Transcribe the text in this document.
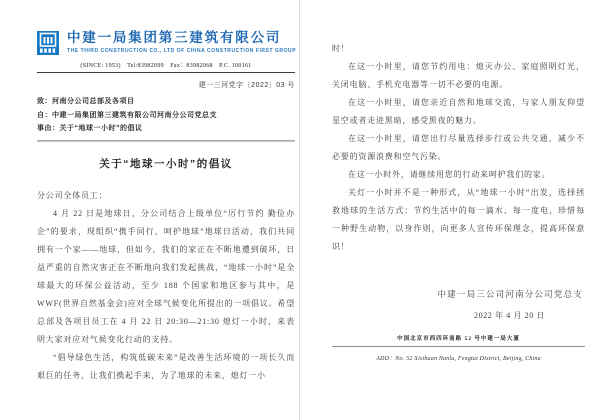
中建一局集团第三建筑有限公司
THE THIRD CONSTRUCTION CO., LTD OF CHINA CONSTRUCTION FIRST GROUP
(SINCE: 1953)　Tel:83982099　Fax：83982068　P.C. 100161
建一三河党字〔2022〕03 号
致：河南分公司总部及各项目
自：中建一局集团第三建筑有限公司河南分公司党总支
事由：关于“地球一小时”的倡议
关于“地球一小时”的倡议

分公司全体员工：

4 月 22 日是地球日，分公司结合上级单位“厉行节约 勤俭办企”的要求，现组织“携手同行，呵护地球”地球日活动，我们共同拥有一个家——地球，但如今，我们的家正在不断地遭到破坏，日益严重的自然灾害正在不断地向我们发起挑战，“地球一小时”是全球最大的环保公益活动，至少 188 个国家和地区参与其中，是 WWF(世界自然基金会)应对全球气候变化所提出的一项倡议。希望总部及各项目员工在 4 月 22 日 20:30—21:30 熄灯一小时，来表明大家对应对气候变化行动的支持。

“倡导绿色生活，构筑低碳未来”是改善生活环境的一项长久而艰巨的任务，让我们携起手来，为了地球的未来，熄灯一小

时！

在这一小时里，请您节约用电：熄灭办公、家庭照明灯光，关闭电脑、手机充电器等一切不必要的电源。

在这一小时里，请您亲近自然和地球交流，与家人朋友仰望星空或者走进黑暗，感受黑夜的魅力。

在这一小时里，请您出行尽量选择步行或公共交通，减少不必要的资源浪费和空气污染。

在这一小时外，请继续用您的行动来呵护我们的家。

关灯一小时并不是一种形式，从“地球一小时”出发，选择拯救地球的生活方式：节约生活中的每一滴水、每一度电，珍惜每一种野生动物，以身作则，向更多人宣传环保理念，提高环保意识！

中建一局三公司河南分公司党总支
2022 年 4 月 20 日
中国北京市西四环南路 52 号中建一局大厦
ADD：No. 52 Xisihuan Nanlu, Fengtai District, Beijing, China
